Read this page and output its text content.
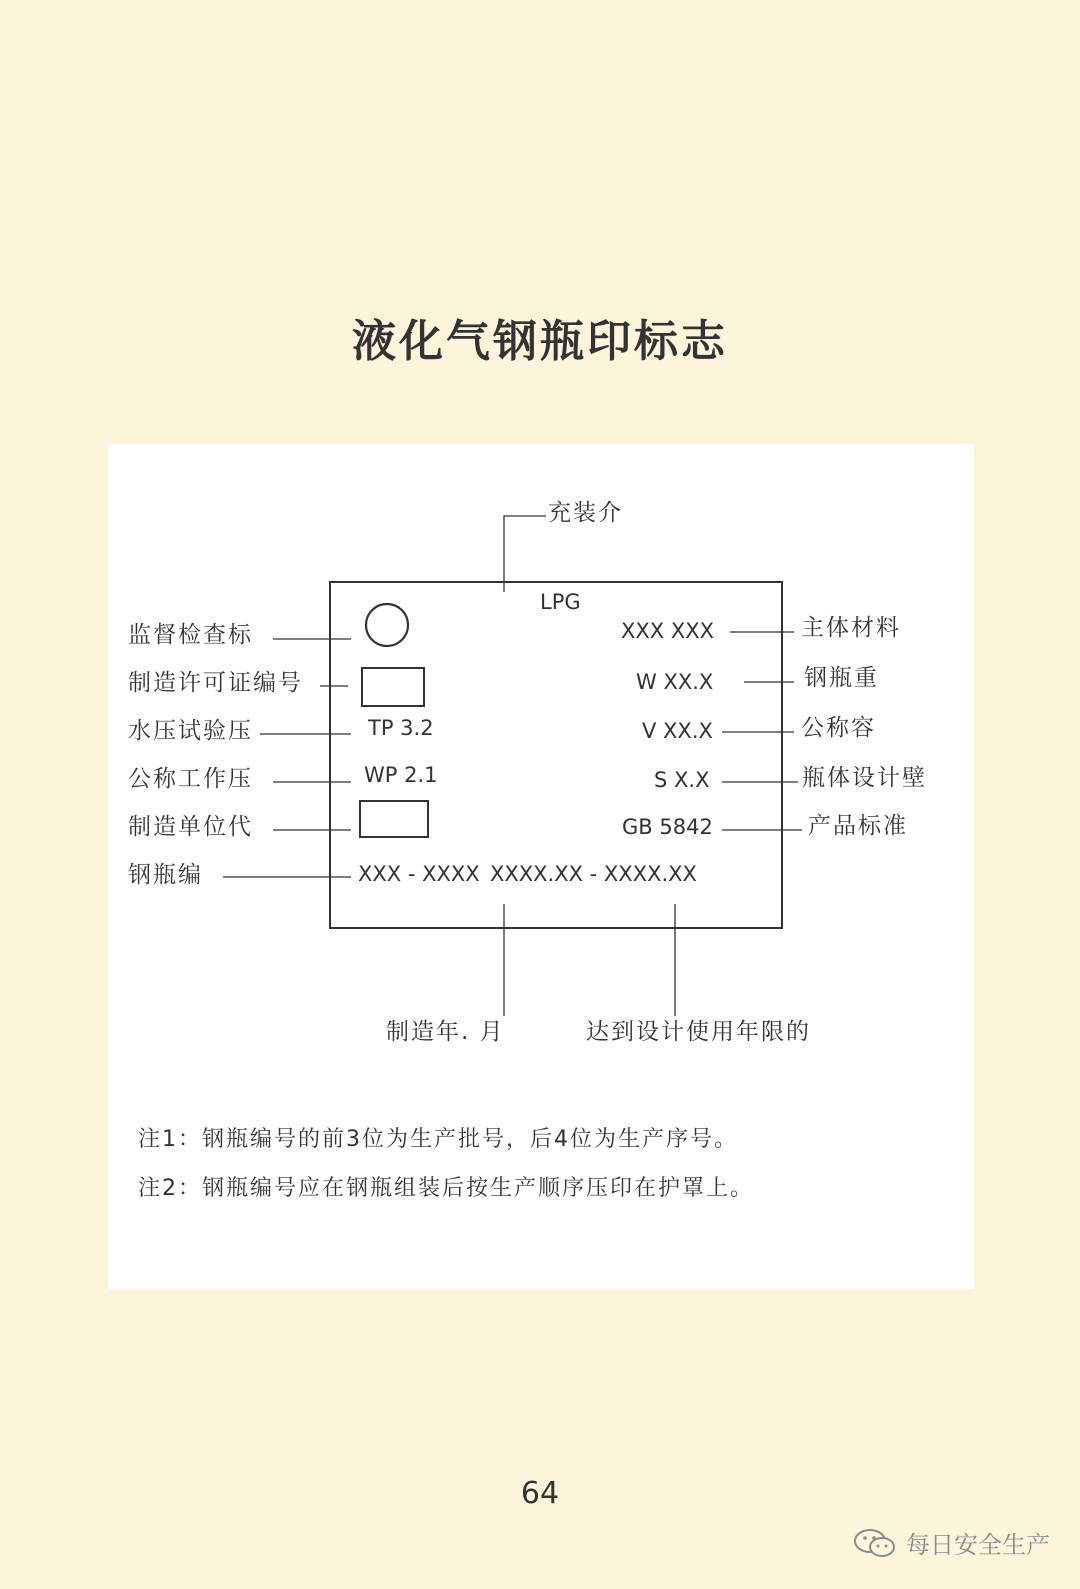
液化气钢瓶印标志
充装介
监督检查标
制造许可证编号
水压试验压
公称工作压
制造单位代
钢瓶编
主体材料
钢瓶重
公称容
瓶体设计壁
产品标准
制造年. 月	达到设计使用年限的
LPG
TP 3.2
WP 2.1
XXX XXX
W XX.X
V XX.X
S X.X
GB 5842
XXX - XXXX XXXX.XX - XXXX.XX
注1：钢瓶编号的前3位为生产批号，后4位为生产序号。
注2：钢瓶编号应在钢瓶组装后按生产顺序压印在护罩上。
64
每日安全生产
